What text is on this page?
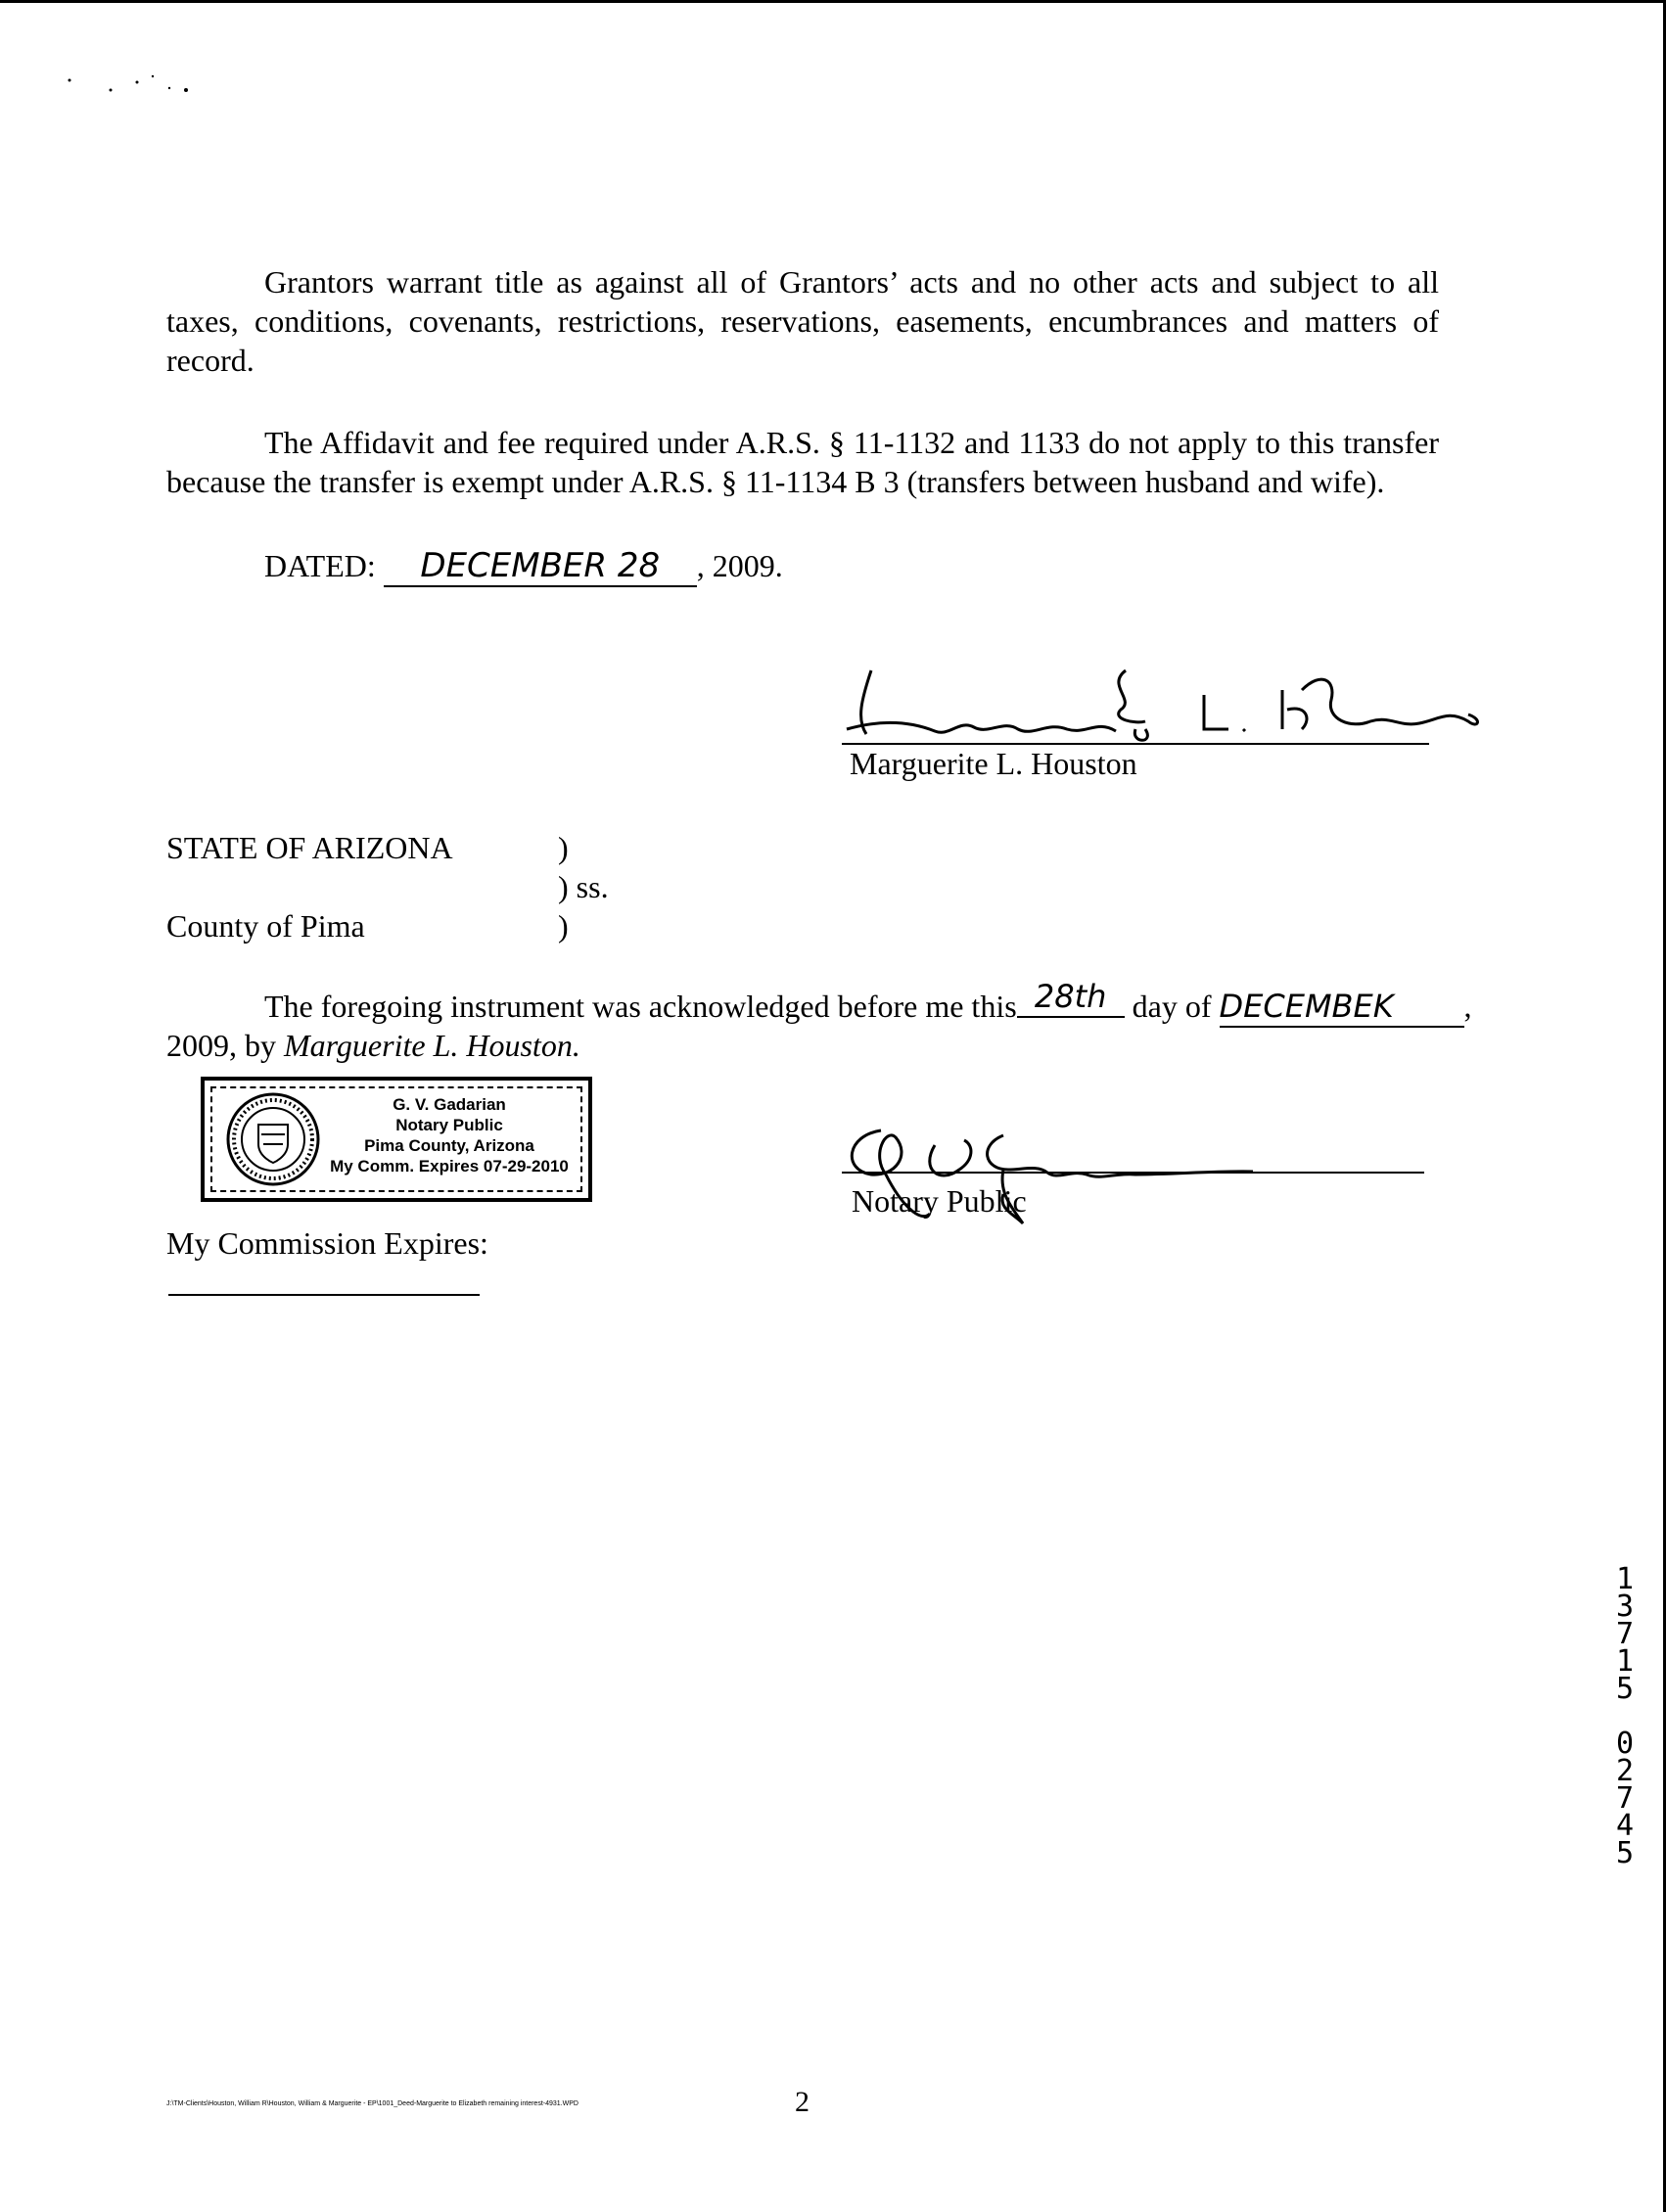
Grantors warrant title as against all of Grantors’ acts and no other acts and subject to all taxes, conditions, covenants, restrictions, reservations, easements, encumbrances and matters of record.
The Affidavit and fee required under A.R.S. § 11-1132 and 1133 do not apply to this transfer because the transfer is exempt under A.R.S. § 11-1134 B 3 (transfers between husband and wife).
DATED: DECEMBER 28 , 2009.
Marguerite L. Houston
STATE OF ARIZONA	)
) ss.
County of Pima	)
The foregoing instrument was acknowledged before me this 28th day of DECEMBEK ,
2009, by Marguerite L. Houston.
G. V. Gadarian
Notary Public
Pima County, Arizona
My Comm. Expires 07-29-2010
Notary Public
My Commission Expires:
1
3
7
1
5
0
2
7
4
5
2
J:\TM-Clients\Houston, William R\Houston, William & Marguerite - EP\1001_Deed-Marguerite to Elizabeth remaining interest-4931.WPD
